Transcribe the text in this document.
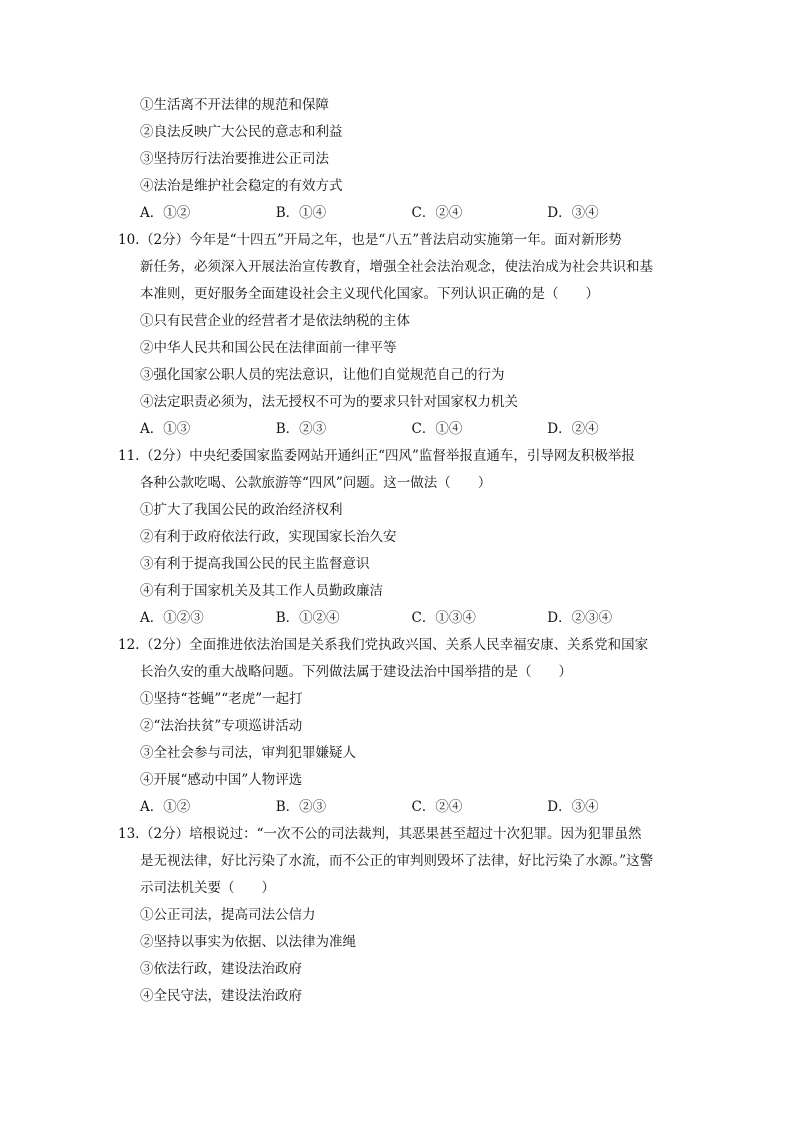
①生活离不开法律的规范和保障
②良法反映广大公民的意志和利益
③坚持厉行法治要推进公正司法
④法治是维护社会稳定的有效方式
A．①②	B．①④	C．②④	D．③④
10. （2分）今年是“十四五”开局之年，也是“八五”普法启动实施第一年。面对新形势
新任务，必须深入开展法治宣传教育，增强全社会法治观念，使法治成为社会共识和基
本准则，更好服务全面建设社会主义现代化国家。下列认识正确的是（　　）
①只有民营企业的经营者才是依法纳税的主体
②中华人民共和国公民在法律面前一律平等
③强化国家公职人员的宪法意识，让他们自觉规范自己的行为
④法定职责必须为，法无授权不可为的要求只针对国家权力机关
A．①③	B．②③	C．①④	D．②④
11. （2分）中央纪委国家监委网站开通纠正“四风”监督举报直通车，引导网友积极举报
各种公款吃喝、公款旅游等“四风”问题。这一做法（　　）
①扩大了我国公民的政治经济权利
②有利于政府依法行政，实现国家长治久安
③有利于提高我国公民的民主监督意识
④有利于国家机关及其工作人员勤政廉洁
A．①②③	B．①②④	C．①③④	D．②③④
12. （2分）全面推进依法治国是关系我们党执政兴国、关系人民幸福安康、关系党和国家
长治久安的重大战略问题。下列做法属于建设法治中国举措的是（　　）
①坚持“苍蝇”“老虎”一起打
②“法治扶贫”专项巡讲活动
③全社会参与司法，审判犯罪嫌疑人
④开展“感动中国”人物评选
A．①②	B．②③	C．②④	D．③④
13. （2分）培根说过：“一次不公的司法裁判，其恶果甚至超过十次犯罪。因为犯罪虽然
是无视法律，好比污染了水流，而不公正的审判则毁坏了法律，好比污染了水源。”这警
示司法机关要（　　）
①公正司法，提高司法公信力
②坚持以事实为依据、以法律为准绳
③依法行政，建设法治政府
④全民守法，建设法治政府
